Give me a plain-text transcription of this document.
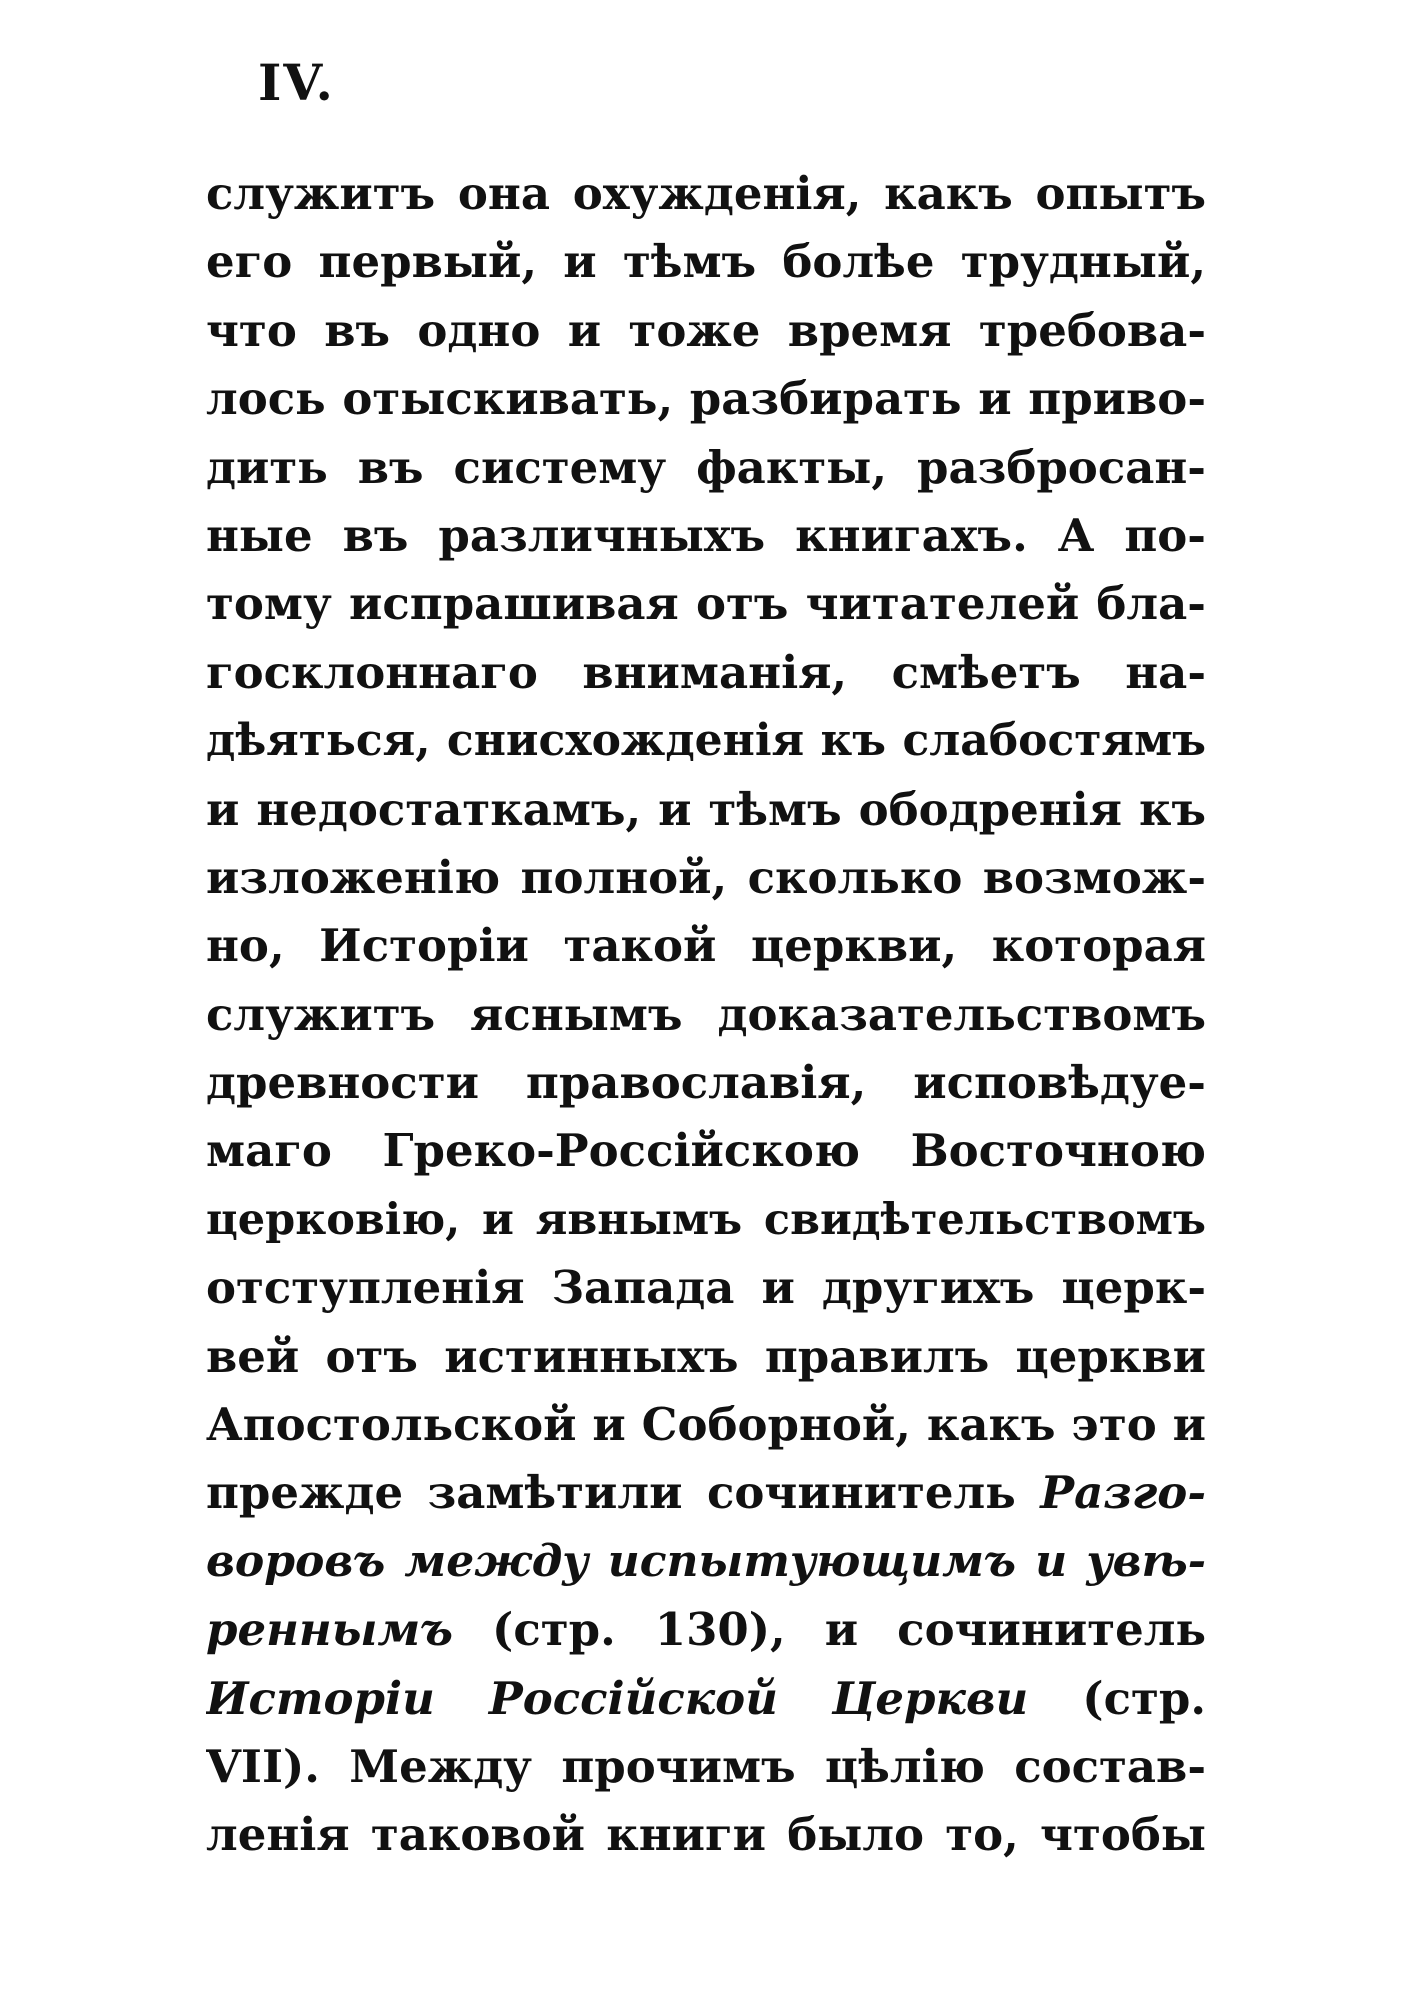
IV.
служитъ она охужденія, какъ опытъ
его первый, и тѣмъ болѣе трудный,
что въ одно и тоже время требова-
лось отыскивать, разбирать и приво-
дить въ систему факты, разбросан-
ные въ различныхъ книгахъ. А по-
тому испрашивая отъ читателей бла-
госклоннаго вниманія, смѣетъ на-
дѣяться, снисхожденія къ слабостямъ
и недостаткамъ, и тѣмъ ободренія къ
изложенію полной, сколько возмож-
но, Исторіи такой церкви, которая
служитъ яснымъ доказательствомъ
древности православія, исповѣдуе-
маго Греко-Россійскою Восточною
церковію, и явнымъ свидѣтельствомъ
отступленія Запада и другихъ церк-
вей отъ истинныхъ правилъ церкви
Апостольской и Соборной, какъ это и
прежде замѣтили сочинитель Разго-
воровъ между испытующимъ и увѣ-
реннымъ (стр. 130), и сочинитель
Исторіи Россійской Церкви (стр.
VII). Между прочимъ цѣлію состав-
ленія таковой книги было то, чтобы
